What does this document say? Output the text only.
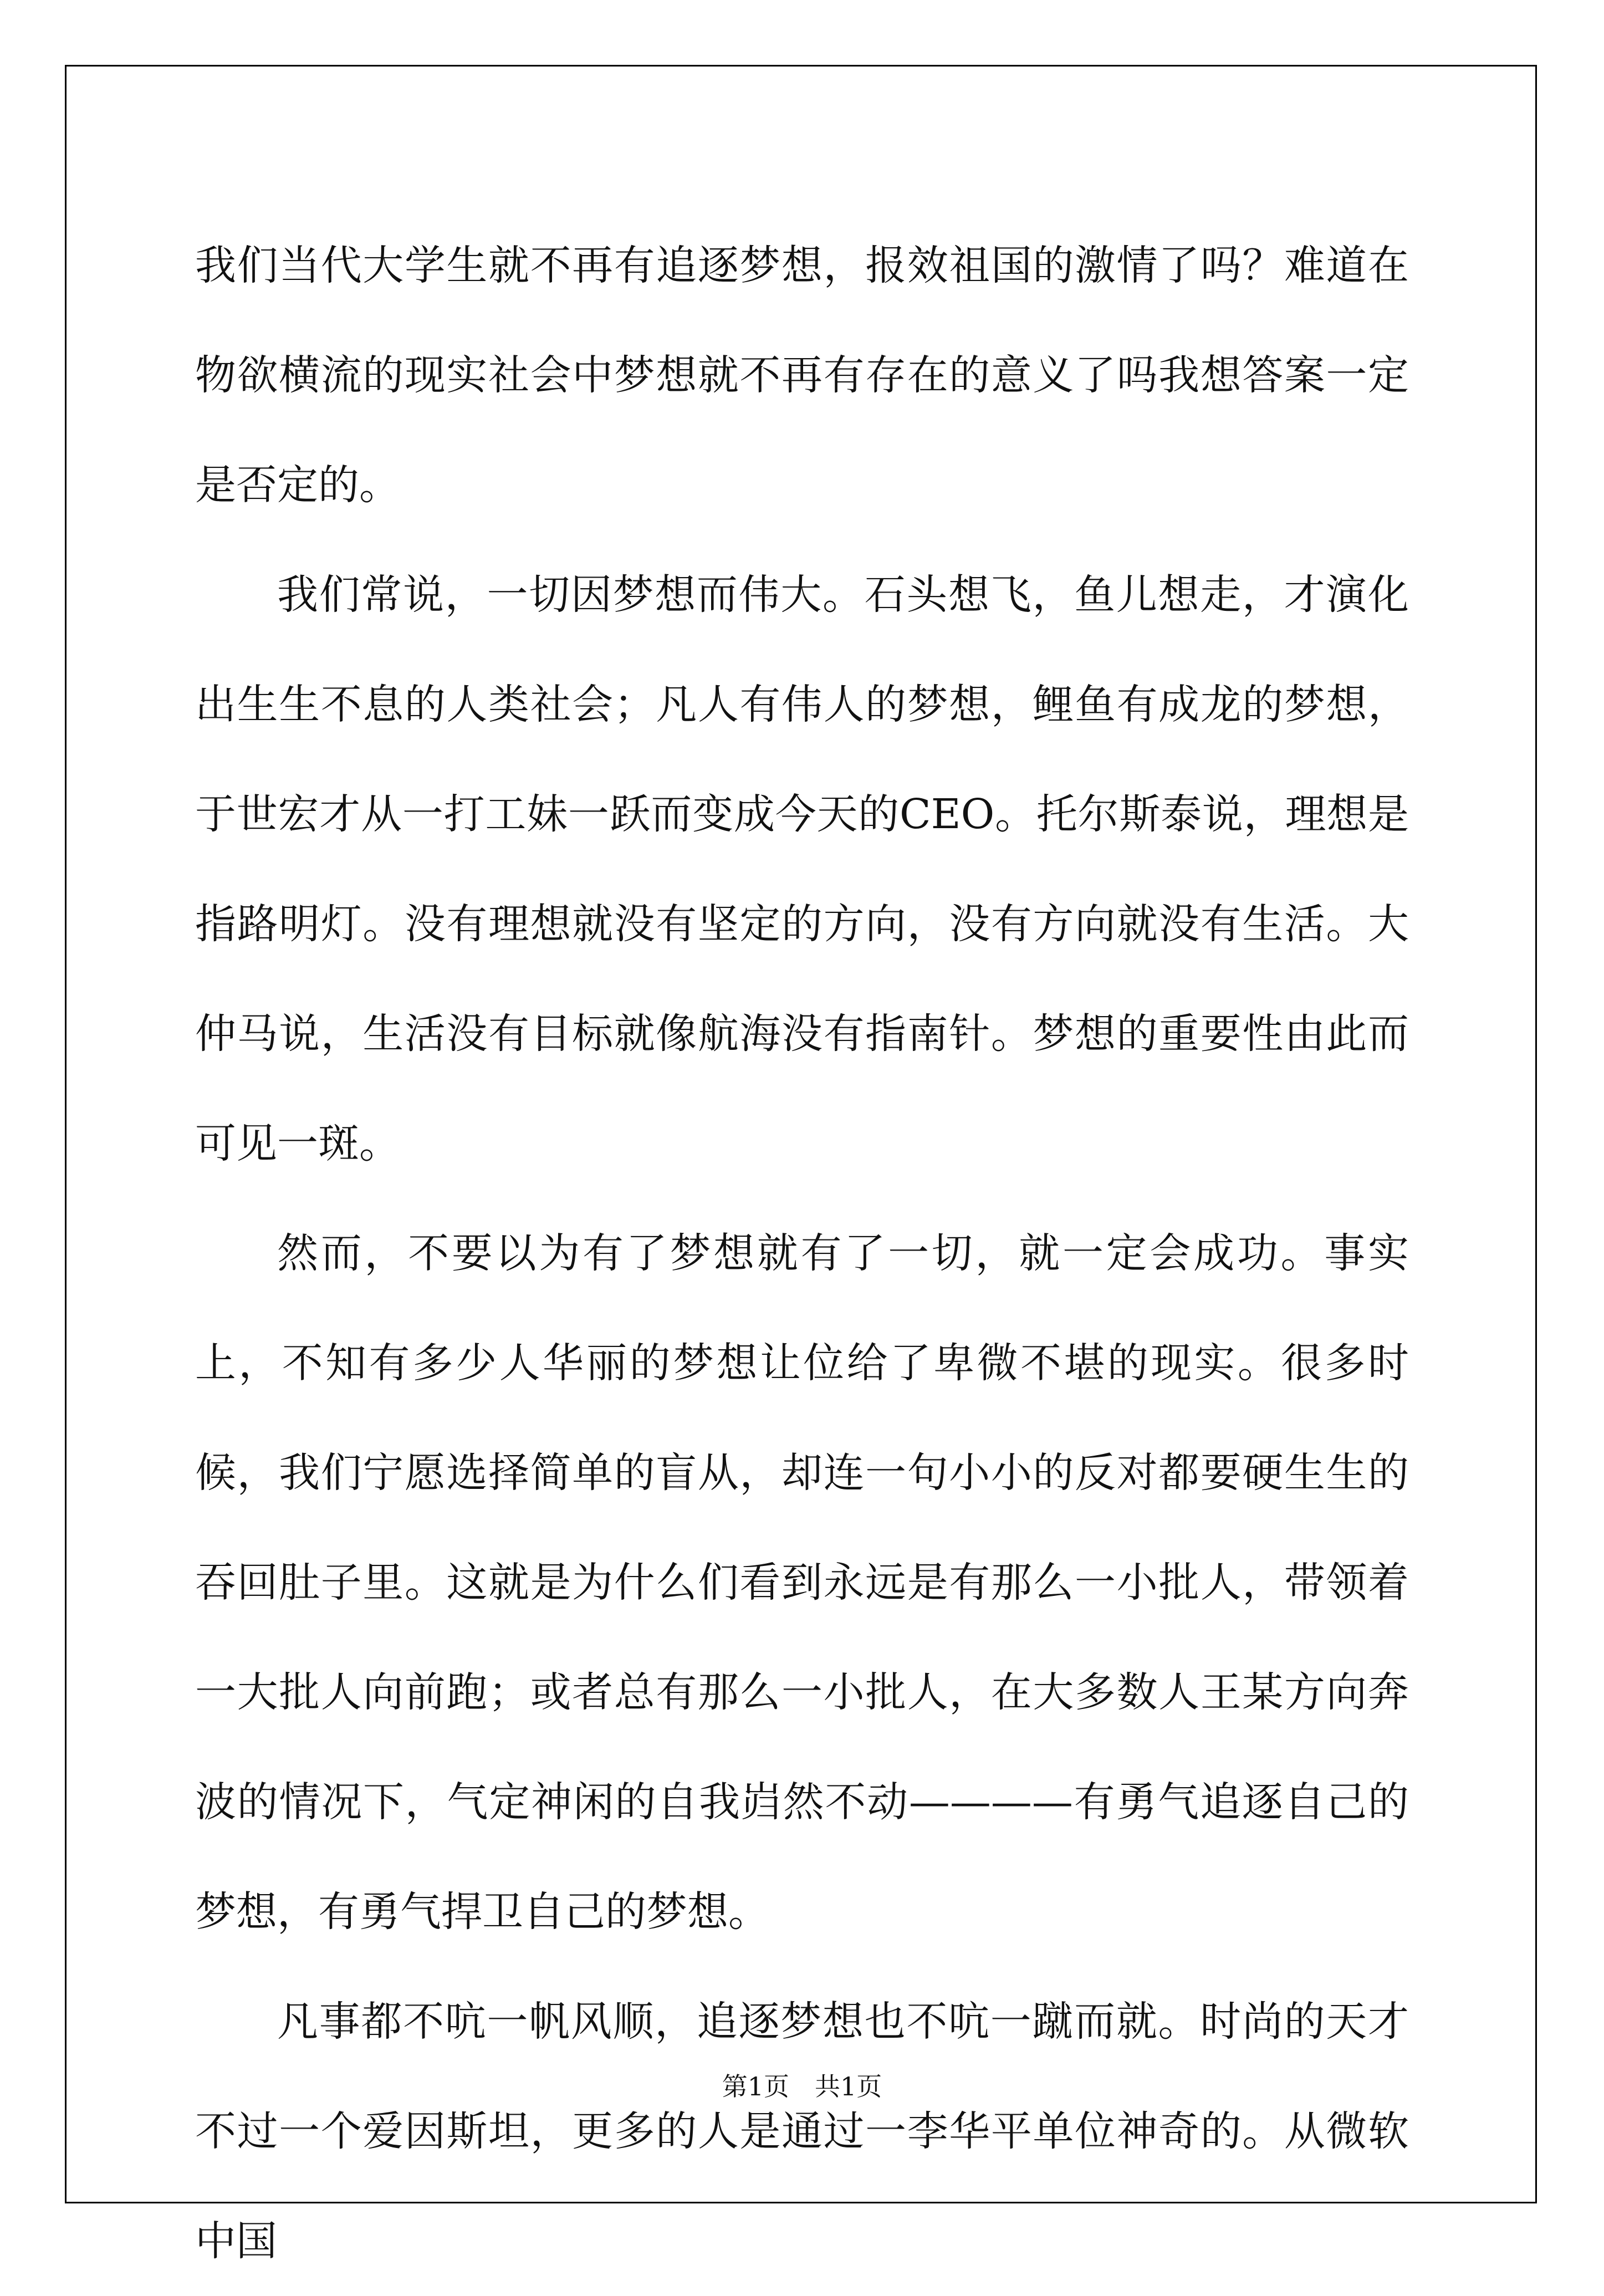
我们当代大学生就不再有追逐梦想，报效祖国的激情了吗？难道在物欲横流的现实社会中梦想就不再有存在的意义了吗我想答案一定是否定的。

我们常说，一切因梦想而伟大。石头想飞，鱼儿想走，才演化出生生不息的人类社会；凡人有伟人的梦想，鲤鱼有成龙的梦想，于世宏才从一打工妹一跃而变成今天的CEO。托尔斯泰说，理想是指路明灯。没有理想就没有坚定的方向，没有方向就没有生活。大仲马说，生活没有目标就像航海没有指南针。梦想的重要性由此而可见一斑。

然而，不要以为有了梦想就有了一切，就一定会成功。事实上，不知有多少人华丽的梦想让位给了卑微不堪的现实。很多时候，我们宁愿选择简单的盲从，却连一句小小的反对都要硬生生的吞回肚子里。这就是为什么们看到永远是有那么一小批人，带领着一大批人向前跑；或者总有那么一小批人，在大多数人王某方向奔波的情况下，气定神闲的自我岿然不动————有勇气追逐自己的梦想，有勇气捍卫自己的梦想。

凡事都不吭一帆风顺，追逐梦想也不吭一蹴而就。时尚的天才不过一个爱因斯坦，更多的人是通过一李华平单位神奇的。从微软中国

第1页　共1页
